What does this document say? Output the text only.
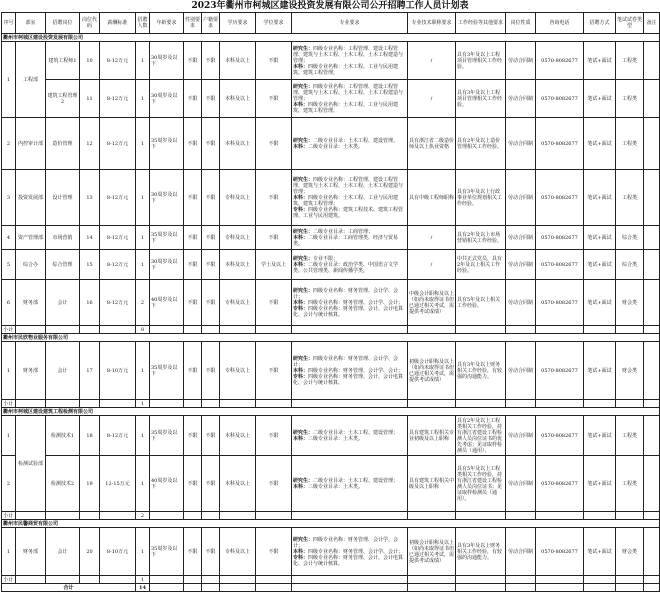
2023年衢州市柯城区建设投资发展有限公司公开招聘工作人员计划表
序号	部室	招聘岗位	岗位代码	薪酬标准	招聘人数	年龄要求	性别要求	户籍要求	学历要求	学位要求	专业要求	专业技术职称要求	工作经验等其他要求	岗位性质	咨询电话	招聘方式	笔试试卷类型	备注
衢州市柯城区建设投资发展有限公司																		
1	工程部	建筑工程师1	10	8-12万元	1	30周岁及以下	不限	不限	本科及以上	不限	研究生：四级专业名称：工程管理、建设工程管理、建筑与土木工程、土木工程、土木工程建造与管理；
本科：四级专业名称：土木工程、工业与民用建筑、建筑工程管理。	/	具有3年及以上工程项目管理相关工作经验。	劳动合同制	0570-8082677	笔试+面试	工程类	
		建筑工程管理2	11	8-12万元	1	30周岁及以下	不限	不限	本科及以上	不限	研究生：四级专业名称：工程管理、建设工程管理、建筑与土木工程、土木工程、土木工程建造与管理；
本科：四级专业名称：土木工程、工业与民用建筑、建筑工程管理。	/	具有3年及以上工程项目管理相关工作经验。	劳动合同制	0570-8082677	笔试+面试	工程类	
2	内控审计部	造价管理	12	8-12万元	1	35周岁及以下	不限	不限	本科及以上	不限	研究生：二级专业目录：土木工程、建设管理。
本科：二级专业目录：土木类。	具有浙江省二级造价师及以上执业资格	具有2年及以上造价管理相关工作经验。	劳动合同制	0570-8082677	笔试+面试	工程类	
3	投资发展部	设计管理	13	8-12万元	1	30周岁及以下	不限	不限	专科及以上	不限	研究生：四级专业名称：工程管理、建设工程管理、建筑与土木工程、土木工程、土木工程建造与管理；
本科：四级专业名称：土木工程、工业与民用建筑、建筑工程管理；
专科：四级专业名称：建筑工程技术、建筑工程管理、工业与民用建筑。	具有中级工程师职称	具有3年及以上行政事业单位规划相关工作经验。	劳动合同制	0570-8082677	笔试+面试	工程类	
4	资产管理部	市场营销	14	8-12万元	1	35周岁及以下	不限	不限	专科及以上	不限	研究生：二级专业目录：工商管理；
本科：二级专业目录：工商管理类、经济与贸易类。	/	具有2年及以上市场营销相关工作经验。	劳动合同制	0570-8082677	笔试+面试	综合类	
5	综合办	综合管理	15	8-12万元	1	30周岁及以下	不限	不限	本科及以上	学士及以上	研究生：专业不限；
本科：二级专业目录：政治学类、中国语言文学类、公共管理类、新闻传播学类。	/	中共正式党员，具有2年及以上相关工作经验。	劳动合同制	0570-8082677	笔试+面试	综合类	
6	财务部	会计	16	8-12万元	2	40周岁及以下	不限	不限	专科及以上	不限	研究生：四级专业名称：财务管理、会计学、会计；
本科：四级专业名称：财务管理、会计学、会计；
专科：四级专业名称：财务管理、会计、会计电算化、会计与统计核算。	中级会计职称及以上（如尚未取得证书但已通过相关考试，需提供考试成绩）	具有5年及以上相关工作经验。	劳动合同制	0570-8082677	笔试+面试	财会类	
小计					8													
衢州市民欣物业服务有限公司																		
1	财务部	会计	17	8-10万元	1	35周岁及以下	不限	不限	专科及以上	不限	研究生：四级专业名称：财务管理、会计学、会计；
本科：四级专业名称：财务管理、会计学、会计；
专科：四级专业名称：财务管理、会计、会计电算化、会计与统计核算。	初级会计职称及以上（如尚未取得证书但已通过相关考试，需提供考试成绩）	具有3年及以上财务相关工作经验，有较强的沟通能力。	劳动合同制	0570-8082677	笔试+面试	财会类	
小计					1													
衢州市柯城区建设建筑工程检测有限公司																		
1	检测试验部	检测技术1	18	8-12万元	1	35周岁及以下	不限	不限	本科及以上	不限	研究生：二级专业目录：土木工程、建设管理；
本科：二级专业目录：土木类。	具有建筑工程相关专业初级及以上职称	具有2年及以上工程类相关工作经验，持有浙江省建设工程检测人员岗位证书的优先考虑；见证取样检测员（通用）。	劳动合同制	0570-8082677	笔试+面试	工程类	
2		检测技术2	19	12-15万元	1	40周岁及以下	不限	不限	本科及以上	不限	研究生：二级专业目录：土木工程、建设管理；
本科：二级专业目录：土木类。	具有建筑工程相关中级及以上职称	具有5年及以上工程类相关工作经验，持有浙江省建设工程检测人员岗位证书；见证取样检测员（通用）。	劳动合同制	0570-8082677	笔试+面试	工程类	
小计					2													
衢州市民馨商贸有限公司																		
1	财务部	会计	20	8-10万元	1	35周岁及以下	不限	不限	专科及以上	不限	研究生：四级专业名称：财务管理、会计学、会计；
本科：四级专业名称：财务管理、会计学、会计；
专科：四级专业名称：财务管理、会计、会计电算化、会计与统计核算。	初级会计职称及以上（如尚未取得证书但已通过相关考试，需提供考试成绩）	具有3年及以上财务相关工作经验，有较强的沟通能力。	劳动合同制	0570-8082677	笔试+面试	财会类	
小计					1													
合计					14													
